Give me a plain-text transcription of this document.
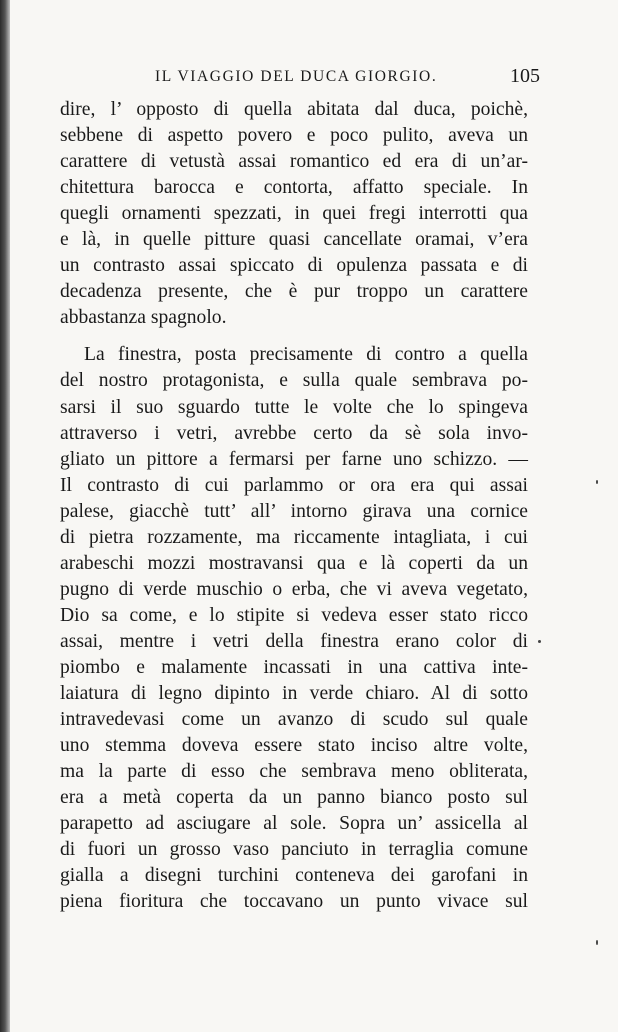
IL VIAGGIO DEL DUCA GIORGIO.	105
dire, l’ opposto di quella abitata dal duca, poichè,
sebbene di aspetto povero e poco pulito, aveva un
carattere di vetustà assai romantico ed era di un’ar-
chitettura barocca e contorta, affatto speciale. In
quegli ornamenti spezzati, in quei fregi interrotti qua
e là, in quelle pitture quasi cancellate oramai, v’era
un contrasto assai spiccato di opulenza passata e di
decadenza presente, che è pur troppo un carattere
abbastanza spagnolo.
La finestra, posta precisamente di contro a quella
del nostro protagonista, e sulla quale sembrava po-
sarsi il suo sguardo tutte le volte che lo spingeva
attraverso i vetri, avrebbe certo da sè sola invo-
gliato un pittore a fermarsi per farne uno schizzo. —
Il contrasto di cui parlammo or ora era qui assai
palese, giacchè tutt’ all’ intorno girava una cornice
di pietra rozzamente, ma riccamente intagliata, i cui
arabeschi mozzi mostravansi qua e là coperti da un
pugno di verde muschio o erba, che vi aveva vegetato,
Dio sa come, e lo stipite si vedeva esser stato ricco
assai, mentre i vetri della finestra erano color di
piombo e malamente incassati in una cattiva inte-
laiatura di legno dipinto in verde chiaro. Al di sotto
intravedevasi come un avanzo di scudo sul quale
uno stemma doveva essere stato inciso altre volte,
ma la parte di esso che sembrava meno obliterata,
era a metà coperta da un panno bianco posto sul
parapetto ad asciugare al sole. Sopra un’ assicella al
di fuori un grosso vaso panciuto in terraglia comune
gialla a disegni turchini conteneva dei garofani in
piena fioritura che toccavano un punto vivace sul
